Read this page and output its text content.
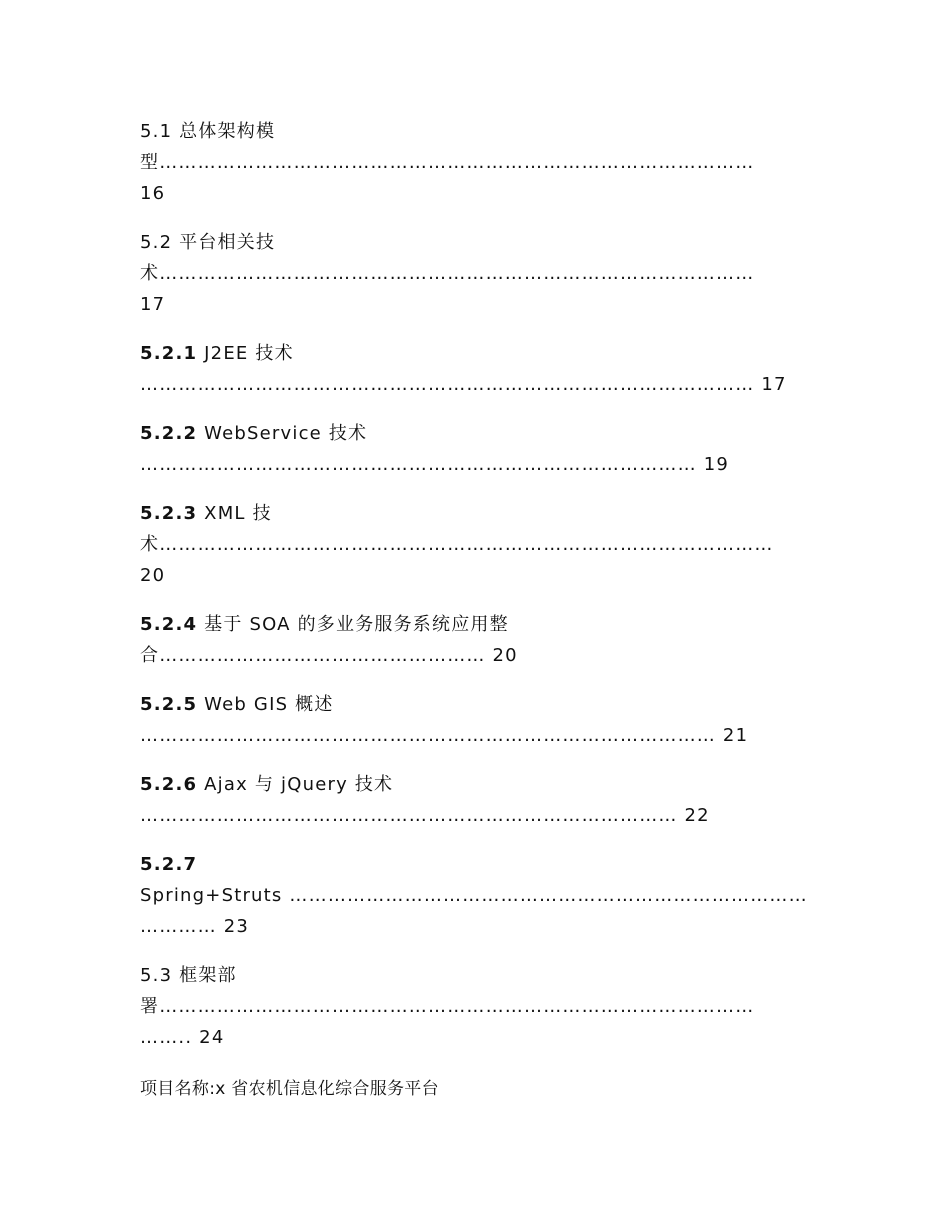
5.1 总体架构模
型…………………………………………………………………………………
16
5.2 平台相关技
术…………………………………………………………………………………
17
5.2.1 J2EE 技术
…………………………………………………………………………………… 17
5.2.2 WebService 技术
…………………………………………………………………………… 19
5.2.3 XML 技
术……………………………………………………………………………………
20
5.2.4 基于 SOA 的多业务服务系统应用整
合…………………………………………… 20
5.2.5 Web GIS 概述
……………………………………………………………………………… 21
5.2.6 Ajax 与 jQuery 技术
………………………………………………………………………… 22
5.2.7
Spring+Struts ………………………………………………………………………
………… 23
5.3 框架部
署…………………………………………………………………………………
…….. 24
项目名称:x 省农机信息化综合服务平台
